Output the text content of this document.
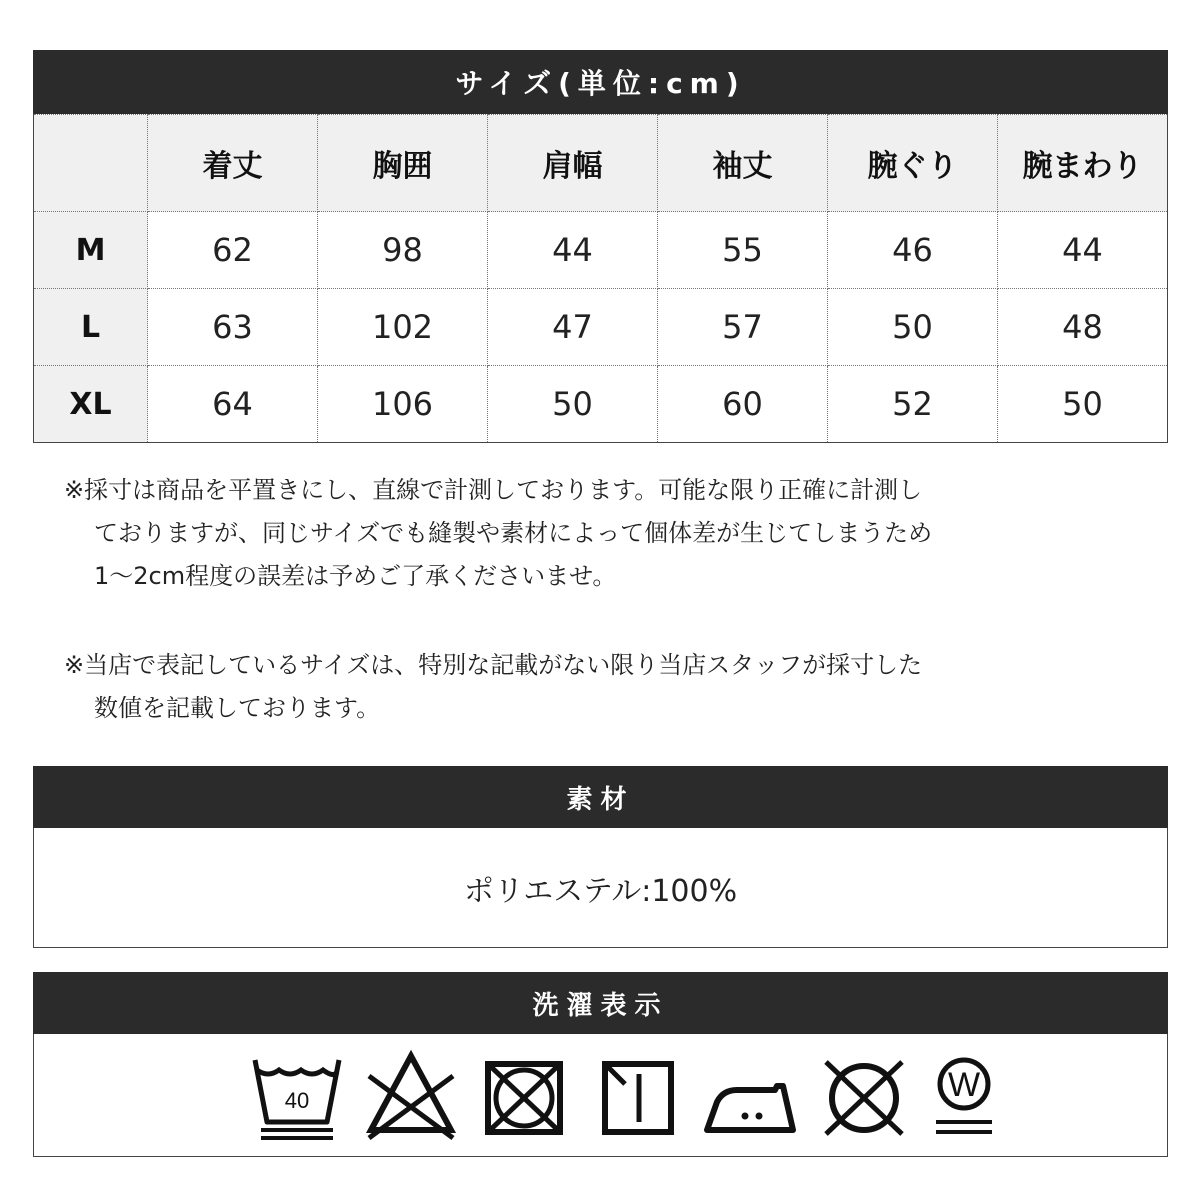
サイズ(単位:cm)
	着丈	胸囲	肩幅	袖丈	腕ぐり	腕まわり
M	62	98	44	55	46	44
L	63	102	47	57	50	48
XL	64	106	50	60	52	50
※採寸は商品を平置きにし、直線で計測しております。可能な限り正確に計測し
ておりますが、同じサイズでも縫製や素材によって個体差が生じてしまうため
1〜2cm程度の誤差は予めご了承くださいませ。
※当店で表記しているサイズは、特別な記載がない限り当店スタッフが採寸した
数値を記載しております。
素材
ポリエステル:100%
洗濯表示
40	W
